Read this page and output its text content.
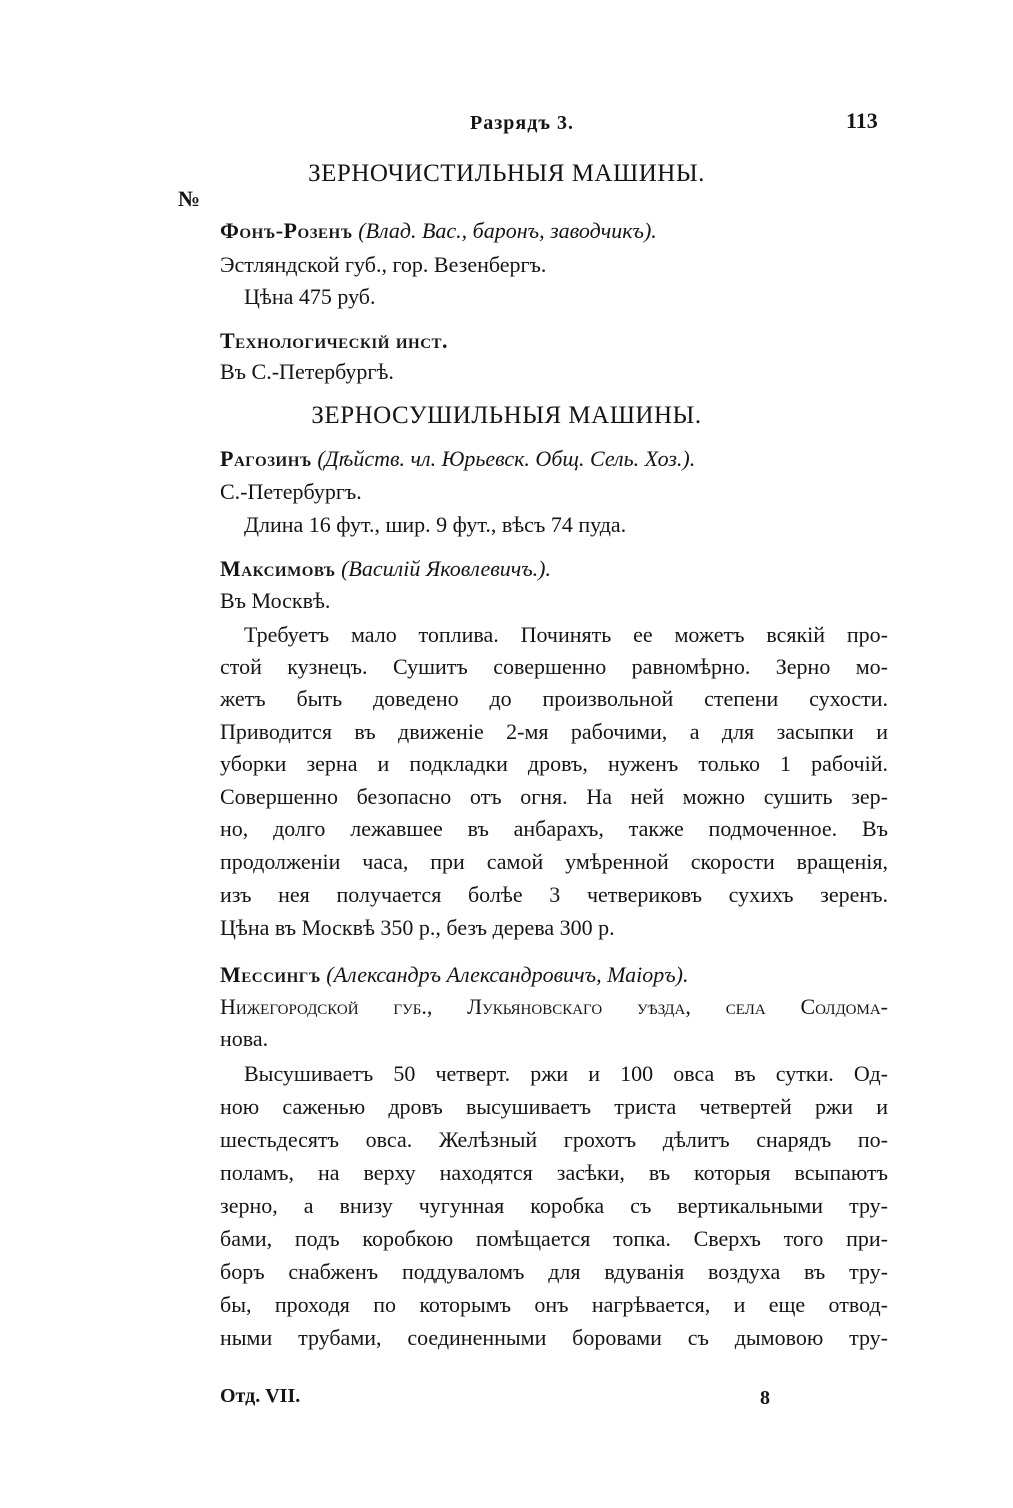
Разрядъ 3.	113
ЗЕРНОЧИСТИЛЬНЫЯ МАШИНЫ.
№
Фонъ-Розенъ (Влад. Вас., баронъ, заводчикъ).
Эстляндской губ., гор. Везенбергъ.
Цѣна 475 руб.
Технологическій инст.
Въ С.-Петербургѣ.
ЗЕРНОСУШИЛЬНЫЯ МАШИНЫ.
Рагозинъ (Дѣйств. чл. Юрьевск. Общ. Сель. Хоз.).
С.-Петербургъ.
Длина 16 фут., шир. 9 фут., вѣсъ 74 пуда.
Максимовъ (Василій Яковлевичъ.).
Въ Москвѣ.
Требуетъ мало топлива. Починять ее можетъ всякій про-
стой кузнецъ. Сушитъ совершенно равномѣрно. Зерно мо-
жетъ быть доведено до произвольной степени сухости.
Приводится въ движеніе 2-мя рабочими, а для засыпки и
уборки зерна и подкладки дровъ, нуженъ только 1 рабочій.
Совершенно безопасно отъ огня. На ней можно сушить зер-
но, долго лежавшее въ анбарахъ, также подмоченное. Въ
продолженіи часа, при самой умѣренной скорости вращенія,
изъ нея получается болѣе 3 четвериковъ сухихъ зеренъ.
Цѣна въ Москвѣ 350 р., безъ дерева 300 р.
Мессингъ (Александръ Александровичъ, Маіоръ).
Нижегородской губ., Лукьяновскаго уѣзда, села Солдома-
нова.
Высушиваетъ 50 четверт. ржи и 100 овса въ сутки. Од-
ною саженью дровъ высушиваетъ триста четвертей ржи и
шестьдесятъ овса. Желѣзный грохотъ дѣлитъ снарядъ по-
поламъ, на верху находятся засѣки, въ которыя всыпаютъ
зерно, а внизу чугунная коробка съ вертикальными тру-
бами, подъ коробкою помѣщается топка. Сверхъ того при-
боръ снабженъ поддуваломъ для вдуванія воздуха въ тру-
бы, проходя по которымъ онъ нагрѣвается, и еще отвод-
ными трубами, соединенными боровами съ дымовою тру-
Отд. VII.	8
